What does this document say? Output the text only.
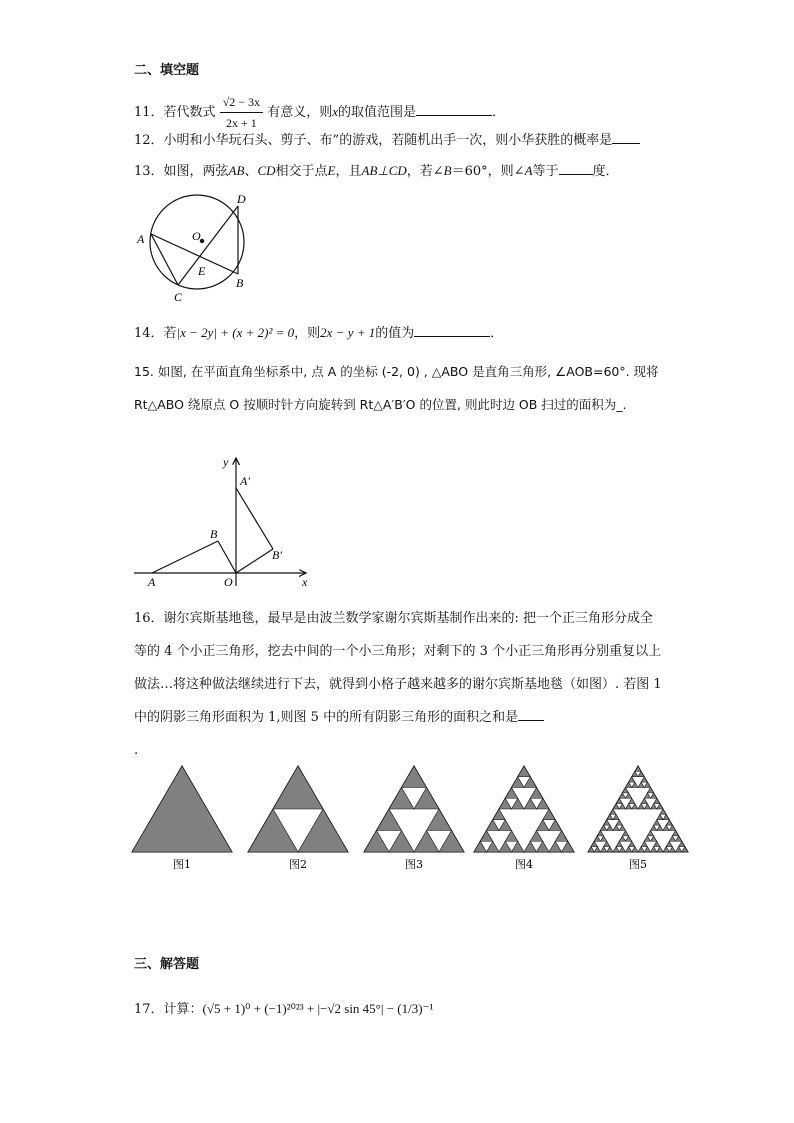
二、填空题
11．若代数式 $\frac{√2 - 3x}{2x + 1}$ 有意义，则x的取值范围是	．
12．小明和小华玩石头、剪子、布”的游戏，若随机出手一次，则小华获胜的概率是
13．如图，两弦AB、CD相交于点E，且AB⊥CD，若∠B＝60°，则∠A等于	度．
D
O
A
E
B
C
14．若|x − 2y| + (x + 2)² = 0，则2x − y + 1的值为	．
15. 如图, 在平面直角坐标系中, 点 A 的坐标 (-2, 0) , △ABO 是直角三角形, ∠AOB=60°. 现将 Rt△ABO 绕原点 O 按顺时针方向旋转到 Rt△A′B′O 的位置, 则此时边 OB 扫过的面积为_.
y
A′
B
B′
A	O	x
16．谢尔宾斯基地毯，最早是由波兰数学家谢尔宾斯基制作出来的: 把一个正三角形分成全等的 4 个小正三角形，挖去中间的一个小三角形；对剩下的 3 个小正三角形再分别重复以上做法…将这种做法继续进行下去，就得到小格子越来越多的谢尔宾斯基地毯（如图）. 若图 1 中的阴影三角形面积为 1,则图 5 中的所有阴影三角形的面积之和是
.
图1	图2	图3	图4	图5
三、解答题
17．计算：(√5 + 1)⁰ + (−1)²⁰²³ + |−√2 sin 45°| − (1/3)⁻¹
